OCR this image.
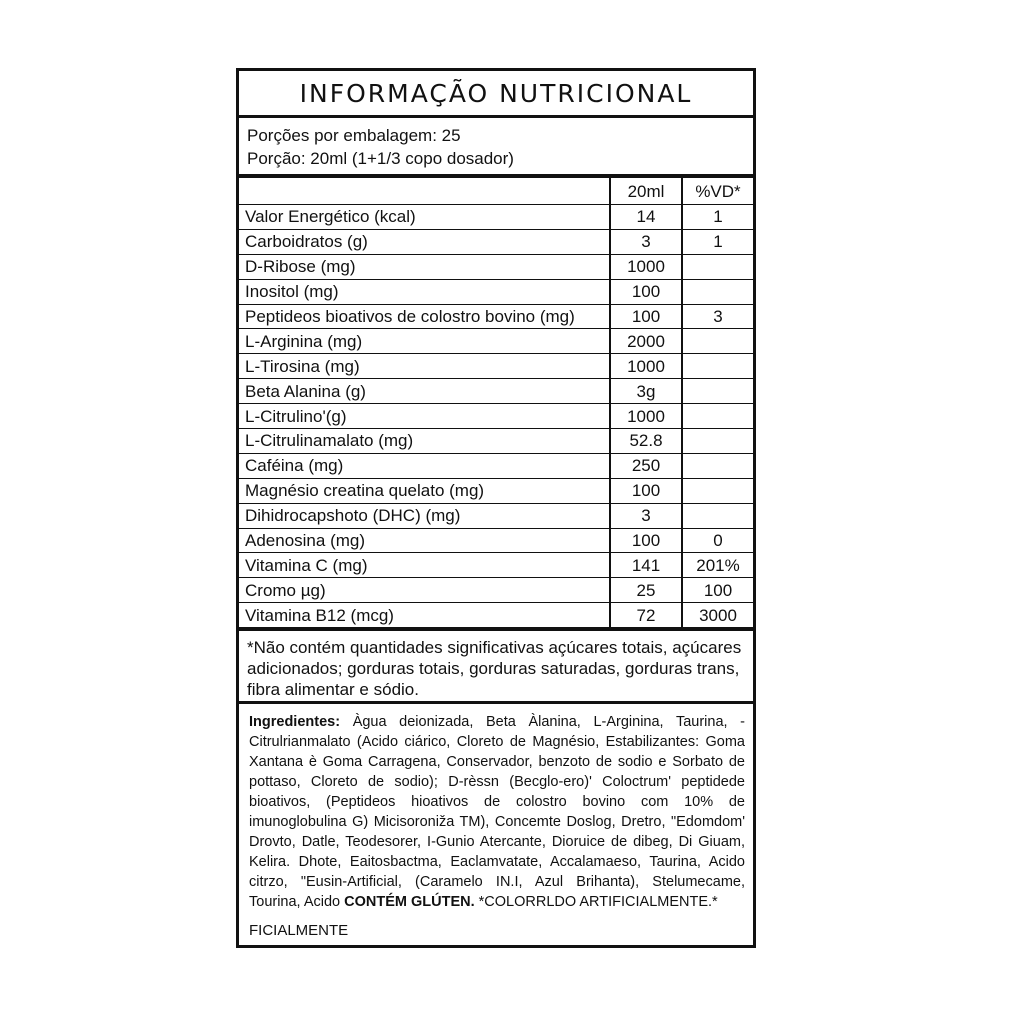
INFORMAÇÃO NUTRICIONAL
Porções por embalagem: 25
Porção: 20ml (1+1/3 copo dosador)
	20ml	%VD*
Valor Energético (kcal)	14	1
Carboidratos (g)	3	1
D-Ribose (mg)	1000	
Inositol (mg)	100	
Peptideos bioativos de colostro bovino (mg)	100	3
L-Arginina (mg)	2000	
L-Tirosina (mg)	1000	
Beta Alanina (g)	3g	
L-Citrulino'(g)	1000	
L-Citrulinamalato (mg)	52.8	
Caféina (mg)	250	
Magnésio creatina quelato (mg)	100	
Dihidrocapshoto (DHC) (mg)	3	
Adenosina (mg)	100	0
Vitamina C (mg)	141	201%
Cromo µg)	25	100
Vitamina B12 (mcg)	72	3000
*Não contém quantidades significativas açúcares totais, açúcares adicionados; gorduras totais, gorduras saturadas, gorduras trans, fibra alimentar e sódio.
Ingredientes: Àgua deionizada, Beta Àlanina, L-Arginina, Taurina, -Citrulrianmalato (Acido ciárico, Cloreto de Magnésio, Estabilizantes: Goma Xantana è Goma Carragena, Conservador, benzoto de sodio e Sorbato de pottaso, Cloreto de sodio); D-rèssn (Becglo-ero)' Coloctrum' peptidede bioativos, (Peptideos hioativos de colostro bovino com 10% de imunoglobulina G) Micisoroniža TM), Concemte Doslog, Dretro, "Edomdom' Drovto, Datle, Teodesorer, I-Gunio Atercante, Dioruice de dibeg, Di Giuam, Kelira. Dhote, Eaitosbactma, Eaclamvatate, Accalamaeso, Taurina, Acido citrzo, "Eusin-Artificial, (Caramelo IN.I, Azul Brihanta), Stelumecame, Tourina, Acido CONTÉM GLÚTEN. *COLORRLDO ARTIFICIALMENTE.*
FICIALMENTE
